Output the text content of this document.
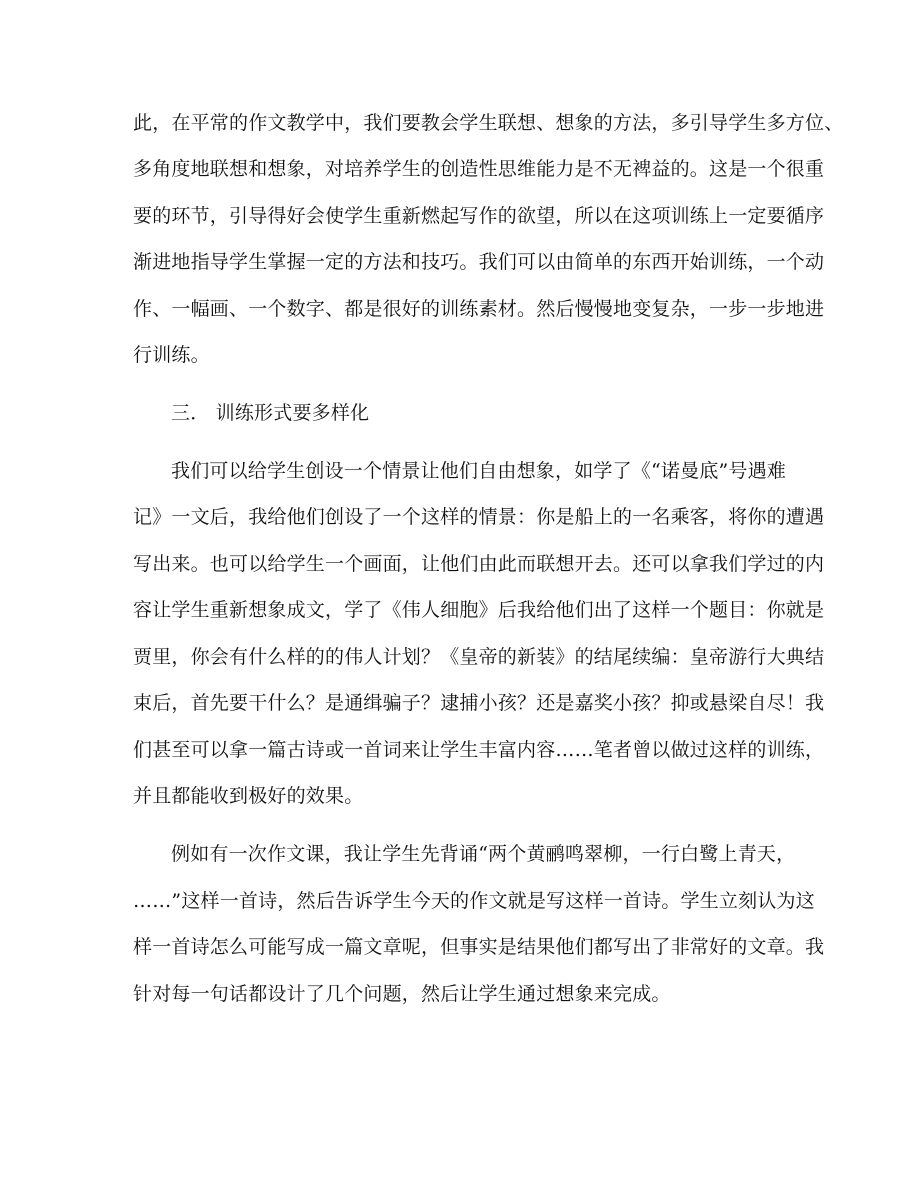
此，在平常的作文教学中，我们要教会学生联想、想象的方法，多引导学生多方位、
多角度地联想和想象，对培养学生的创造性思维能力是不无裨益的。这是一个很重
要的环节，引导得好会使学生重新燃起写作的欲望，所以在这项训练上一定要循序
渐进地指导学生掌握一定的方法和技巧。我们可以由简单的东西开始训练，一个动
作、一幅画、一个数字、都是很好的训练素材。然后慢慢地变复杂，一步一步地进
行训练。
三． 训练形式要多样化
我们可以给学生创设一个情景让他们自由想象，如学了《“诺曼底”号遇难
记》一文后，我给他们创设了一个这样的情景：你是船上的一名乘客，将你的遭遇
写出来。也可以给学生一个画面，让他们由此而联想开去。还可以拿我们学过的内
容让学生重新想象成文，学了《伟人细胞》后我给他们出了这样一个题目：你就是
贾里，你会有什么样的的伟人计划？《皇帝的新装》的结尾续编：皇帝游行大典结
束后，首先要干什么？是通缉骗子？逮捕小孩？还是嘉奖小孩？抑或悬梁自尽！我
们甚至可以拿一篇古诗或一首词来让学生丰富内容……笔者曾以做过这样的训练，
并且都能收到极好的效果。
例如有一次作文课，我让学生先背诵“两个黄鹂鸣翠柳，一行白鹭上青天，
……”这样一首诗，然后告诉学生今天的作文就是写这样一首诗。学生立刻认为这
样一首诗怎么可能写成一篇文章呢，但事实是结果他们都写出了非常好的文章。我
针对每一句话都设计了几个问题，然后让学生通过想象来完成。
